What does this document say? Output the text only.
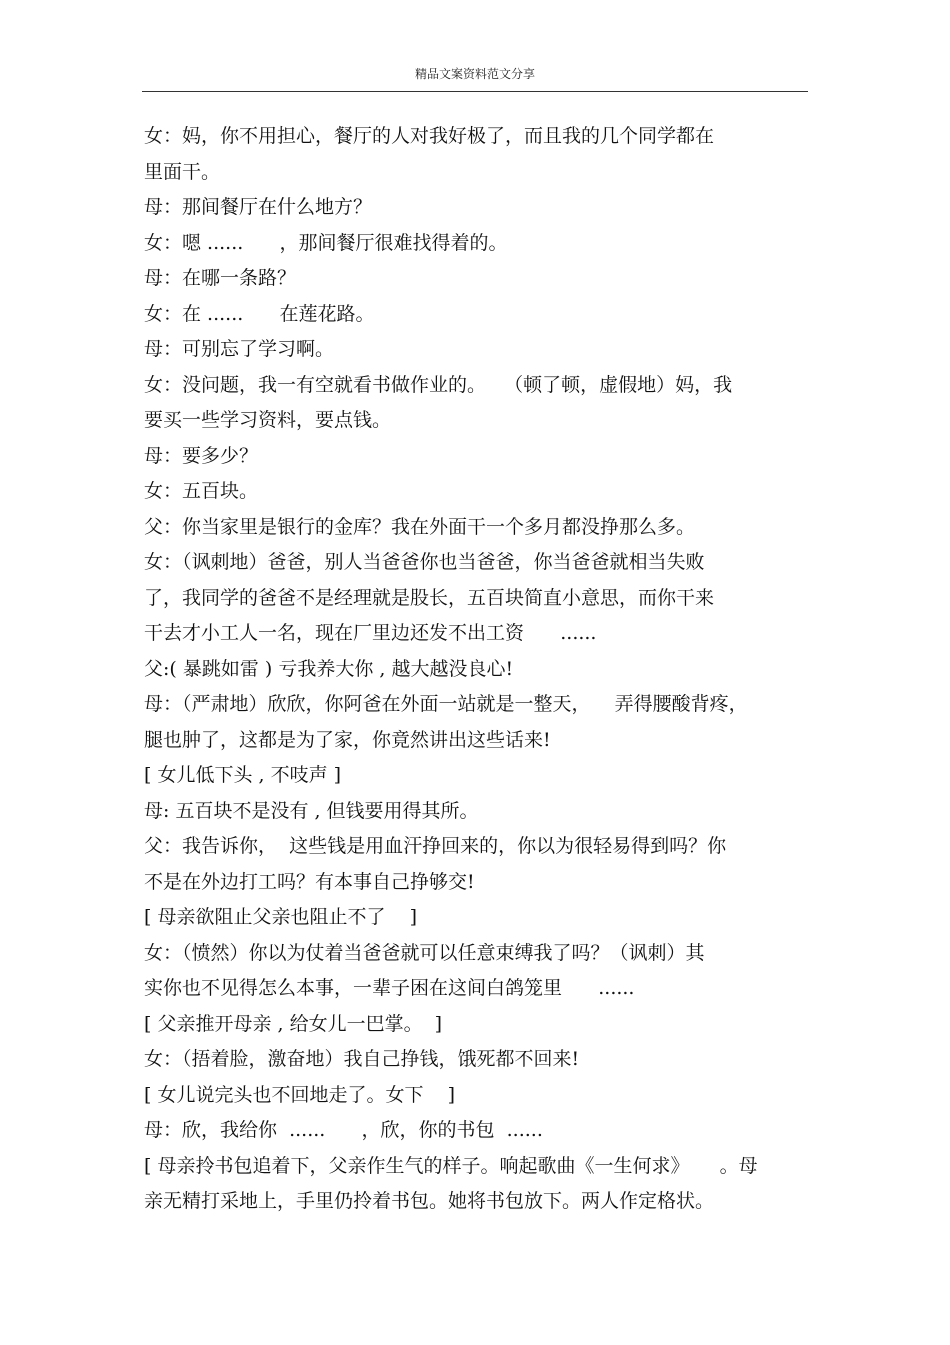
精品文案资料范文分享
女：妈，你不用担心，餐厅的人对我好极了，而且我的几个同学都在
里面干。
母：那间餐厅在什么地方？
女：嗯 ......      ，那间餐厅很难找得着的。
母：在哪一条路？
女：在 ......      在莲花路。
母：可别忘了学习啊。
女：没问题，我一有空就看书做作业的。   （顿了顿，虚假地）妈，我
要买一些学习资料，要点钱。
母：要多少？
女：五百块。
父：你当家里是银行的金库？我在外面干一个多月都没挣那么多。
女：（讽刺地）爸爸，别人当爸爸你也当爸爸，你当爸爸就相当失败
了，我同学的爸爸不是经理就是股长，五百块简直小意思，而你干来
干去才小工人一名，现在厂里边还发不出工资      ......
父:( 暴跳如雷 ) 亏我养大你 , 越大越没良心!
母：（严肃地）欣欣，你阿爸在外面一站就是一整天，    弄得腰酸背疼，
腿也肿了，这都是为了家，你竟然讲出这些话来!
[ 女儿低下头 , 不吱声 ]
母: 五百块不是没有 , 但钱要用得其所。
父：我告诉你，  这些钱是用血汗挣回来的，你以为很轻易得到吗？你
不是在外边打工吗？有本事自己挣够交!
[ 母亲欲阻止父亲也阻止不了    ]
女：（愤然）你以为仗着当爸爸就可以任意束缚我了吗？（讽刺）其
实你也不见得怎么本事，一辈子困在这间白鸽笼里      ......
[ 父亲推开母亲 , 给女儿一巴掌。  ]
女：（捂着脸，激奋地）我自己挣钱，饿死都不回来!
[ 女儿说完头也不回地走了。女下    ]
母：欣，我给你  ......      ，欣，你的书包  ......
[ 母亲拎书包追着下，父亲作生气的样子。响起歌曲《一生何求》     。母
亲无精打采地上，手里仍拎着书包。她将书包放下。两人作定格状。
